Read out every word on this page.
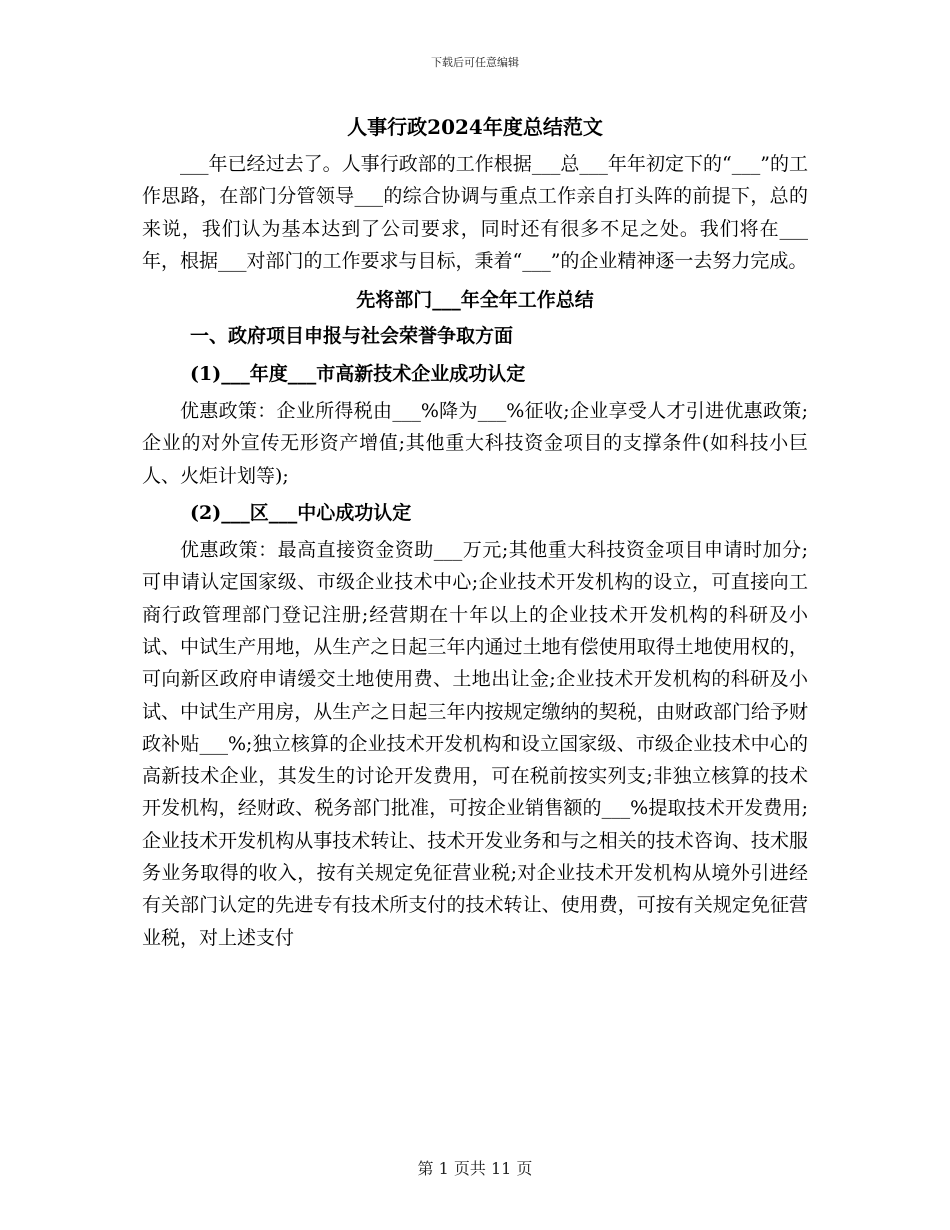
下载后可任意编辑
人事行政2024年度总结范文

___年已经过去了。人事行政部的工作根据___总___年年初定下的“___”的工作思路，在部门分管领导___的综合协调与重点工作亲自打头阵的前提下，总的来说，我们认为基本达到了公司要求，同时还有很多不足之处。我们将在___年，根据___对部门的工作要求与目标，秉着“___”的企业精神逐一去努力完成。

先将部门___年全年工作总结
一、政府项目申报与社会荣誉争取方面
(1)___年度___市高新技术企业成功认定

优惠政策：企业所得税由___%降为___%征收;企业享受人才引进优惠政策;企业的对外宣传无形资产增值;其他重大科技资金项目的支撑条件(如科技小巨人、火炬计划等);

(2)___区___中心成功认定

优惠政策：最高直接资金资助___万元;其他重大科技资金项目申请时加分;可申请认定国家级、市级企业技术中心;企业技术开发机构的设立，可直接向工商行政管理部门登记注册;经营期在十年以上的企业技术开发机构的科研及小试、中试生产用地，从生产之日起三年内通过土地有偿使用取得土地使用权的，可向新区政府申请缓交土地使用费、土地出让金;企业技术开发机构的科研及小试、中试生产用房，从生产之日起三年内按规定缴纳的契税，由财政部门给予财政补贴___%;独立核算的企业技术开发机构和设立国家级、市级企业技术中心的高新技术企业，其发生的讨论开发费用，可在税前按实列支;非独立核算的技术开发机构，经财政、税务部门批准，可按企业销售额的___%提取技术开发费用;企业技术开发机构从事技术转让、技术开发业务和与之相关的技术咨询、技术服务业务取得的收入，按有关规定免征营业税;对企业技术开发机构从境外引进经有关部门认定的先进专有技术所支付的技术转让、使用费，可按有关规定免征营业税，对上述支付

第 1 页共 11 页
